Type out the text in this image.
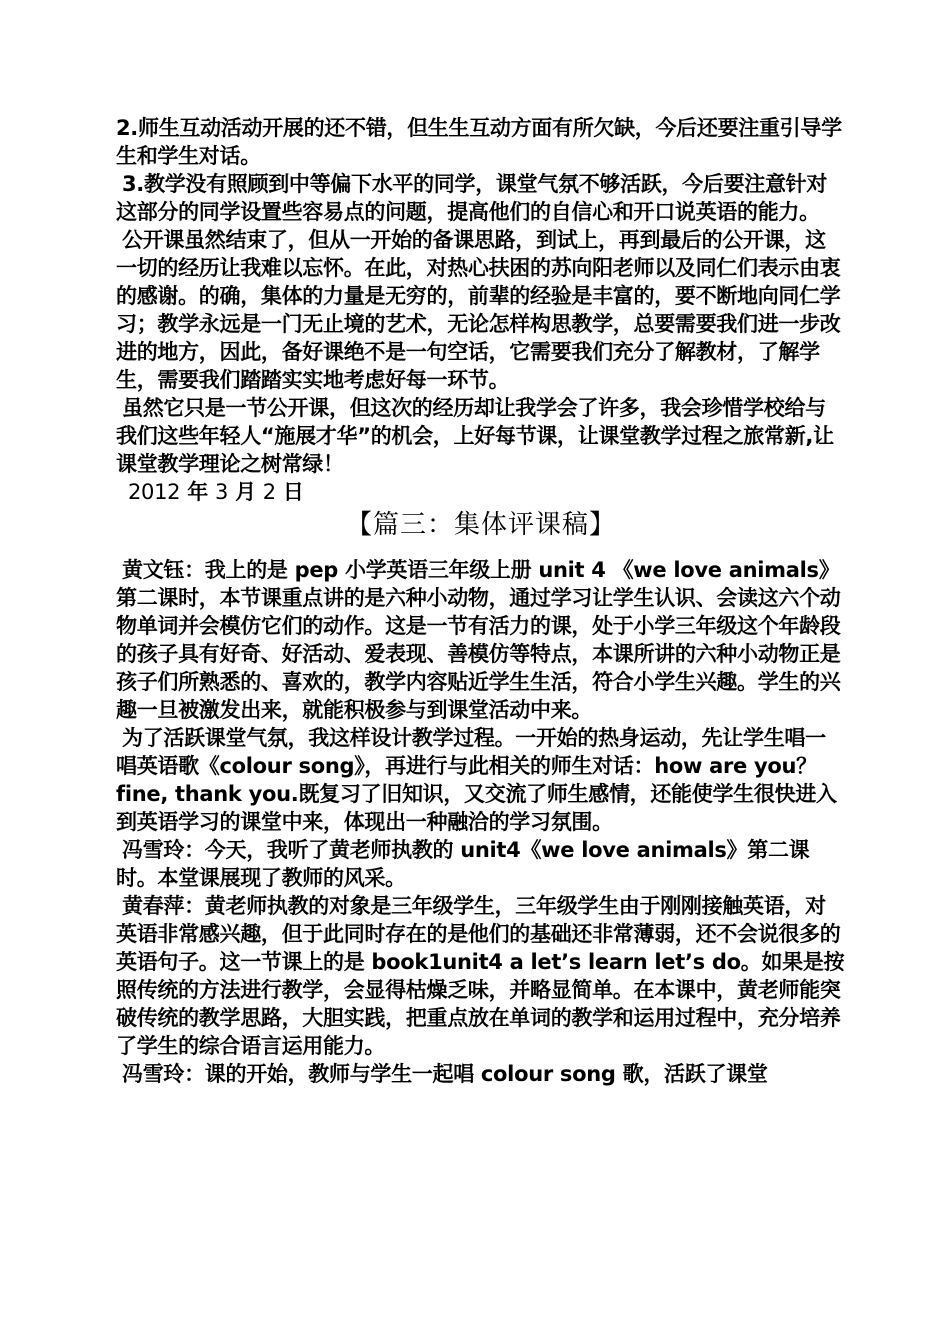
2.师生互动活动开展的还不错，但生生互动方面有所欠缺，今后还要注重引导学生和学生对话。

3.教学没有照顾到中等偏下水平的同学，课堂气氛不够活跃，今后要注意针对这部分的同学设置些容易点的问题，提高他们的自信心和开口说英语的能力。

公开课虽然结束了，但从一开始的备课思路，到试上，再到最后的公开课，这一切的经历让我难以忘怀。在此，对热心扶困的苏向阳老师以及同仁们表示由衷的感谢。的确，集体的力量是无穷的，前辈的经验是丰富的，要不断地向同仁学习；教学永远是一门无止境的艺术，无论怎样构思教学，总要需要我们进一步改进的地方，因此，备好课绝不是一句空话，它需要我们充分了解教材，了解学生，需要我们踏踏实实地考虑好每一环节。

虽然它只是一节公开课，但这次的经历却让我学会了许多，我会珍惜学校给与我们这些年轻人“施展才华”的机会，上好每节课，让课堂教学过程之旅常新,让课堂教学理论之树常绿！

2012 年 3 月 2 日

【篇三：集体评课稿】

黄文钰：我上的是 pep 小学英语三年级上册 unit 4 《we love animals》第二课时，本节课重点讲的是六种小动物，通过学习让学生认识、会读这六个动物单词并会模仿它们的动作。这是一节有活力的课，处于小学三年级这个年龄段的孩子具有好奇、好活动、爱表现、善模仿等特点，本课所讲的六种小动物正是孩子们所熟悉的、喜欢的，教学内容贴近学生生活，符合小学生兴趣。学生的兴趣一旦被激发出来，就能积极参与到课堂活动中来。

为了活跃课堂气氛，我这样设计教学过程。一开始的热身运动，先让学生唱一唱英语歌《colour song》，再进行与此相关的师生对话：how are you？ fine, thank you.既复习了旧知识，又交流了师生感情，还能使学生很快进入到英语学习的课堂中来，体现出一种融洽的学习氛围。

冯雪玲：今天，我听了黄老师执教的 unit4《we love animals》第二课时。本堂课展现了教师的风采。

黄春萍：黄老师执教的对象是三年级学生，三年级学生由于刚刚接触英语，对英语非常感兴趣，但于此同时存在的是他们的基础还非常薄弱，还不会说很多的英语句子。这一节课上的是 book1unit4 a let’s learn let’s do。如果是按照传统的方法进行教学，会显得枯燥乏味，并略显简单。在本课中，黄老师能突破传统的教学思路，大胆实践，把重点放在单词的教学和运用过程中，充分培养了学生的综合语言运用能力。

冯雪玲：课的开始，教师与学生一起唱 colour song 歌，活跃了课堂
